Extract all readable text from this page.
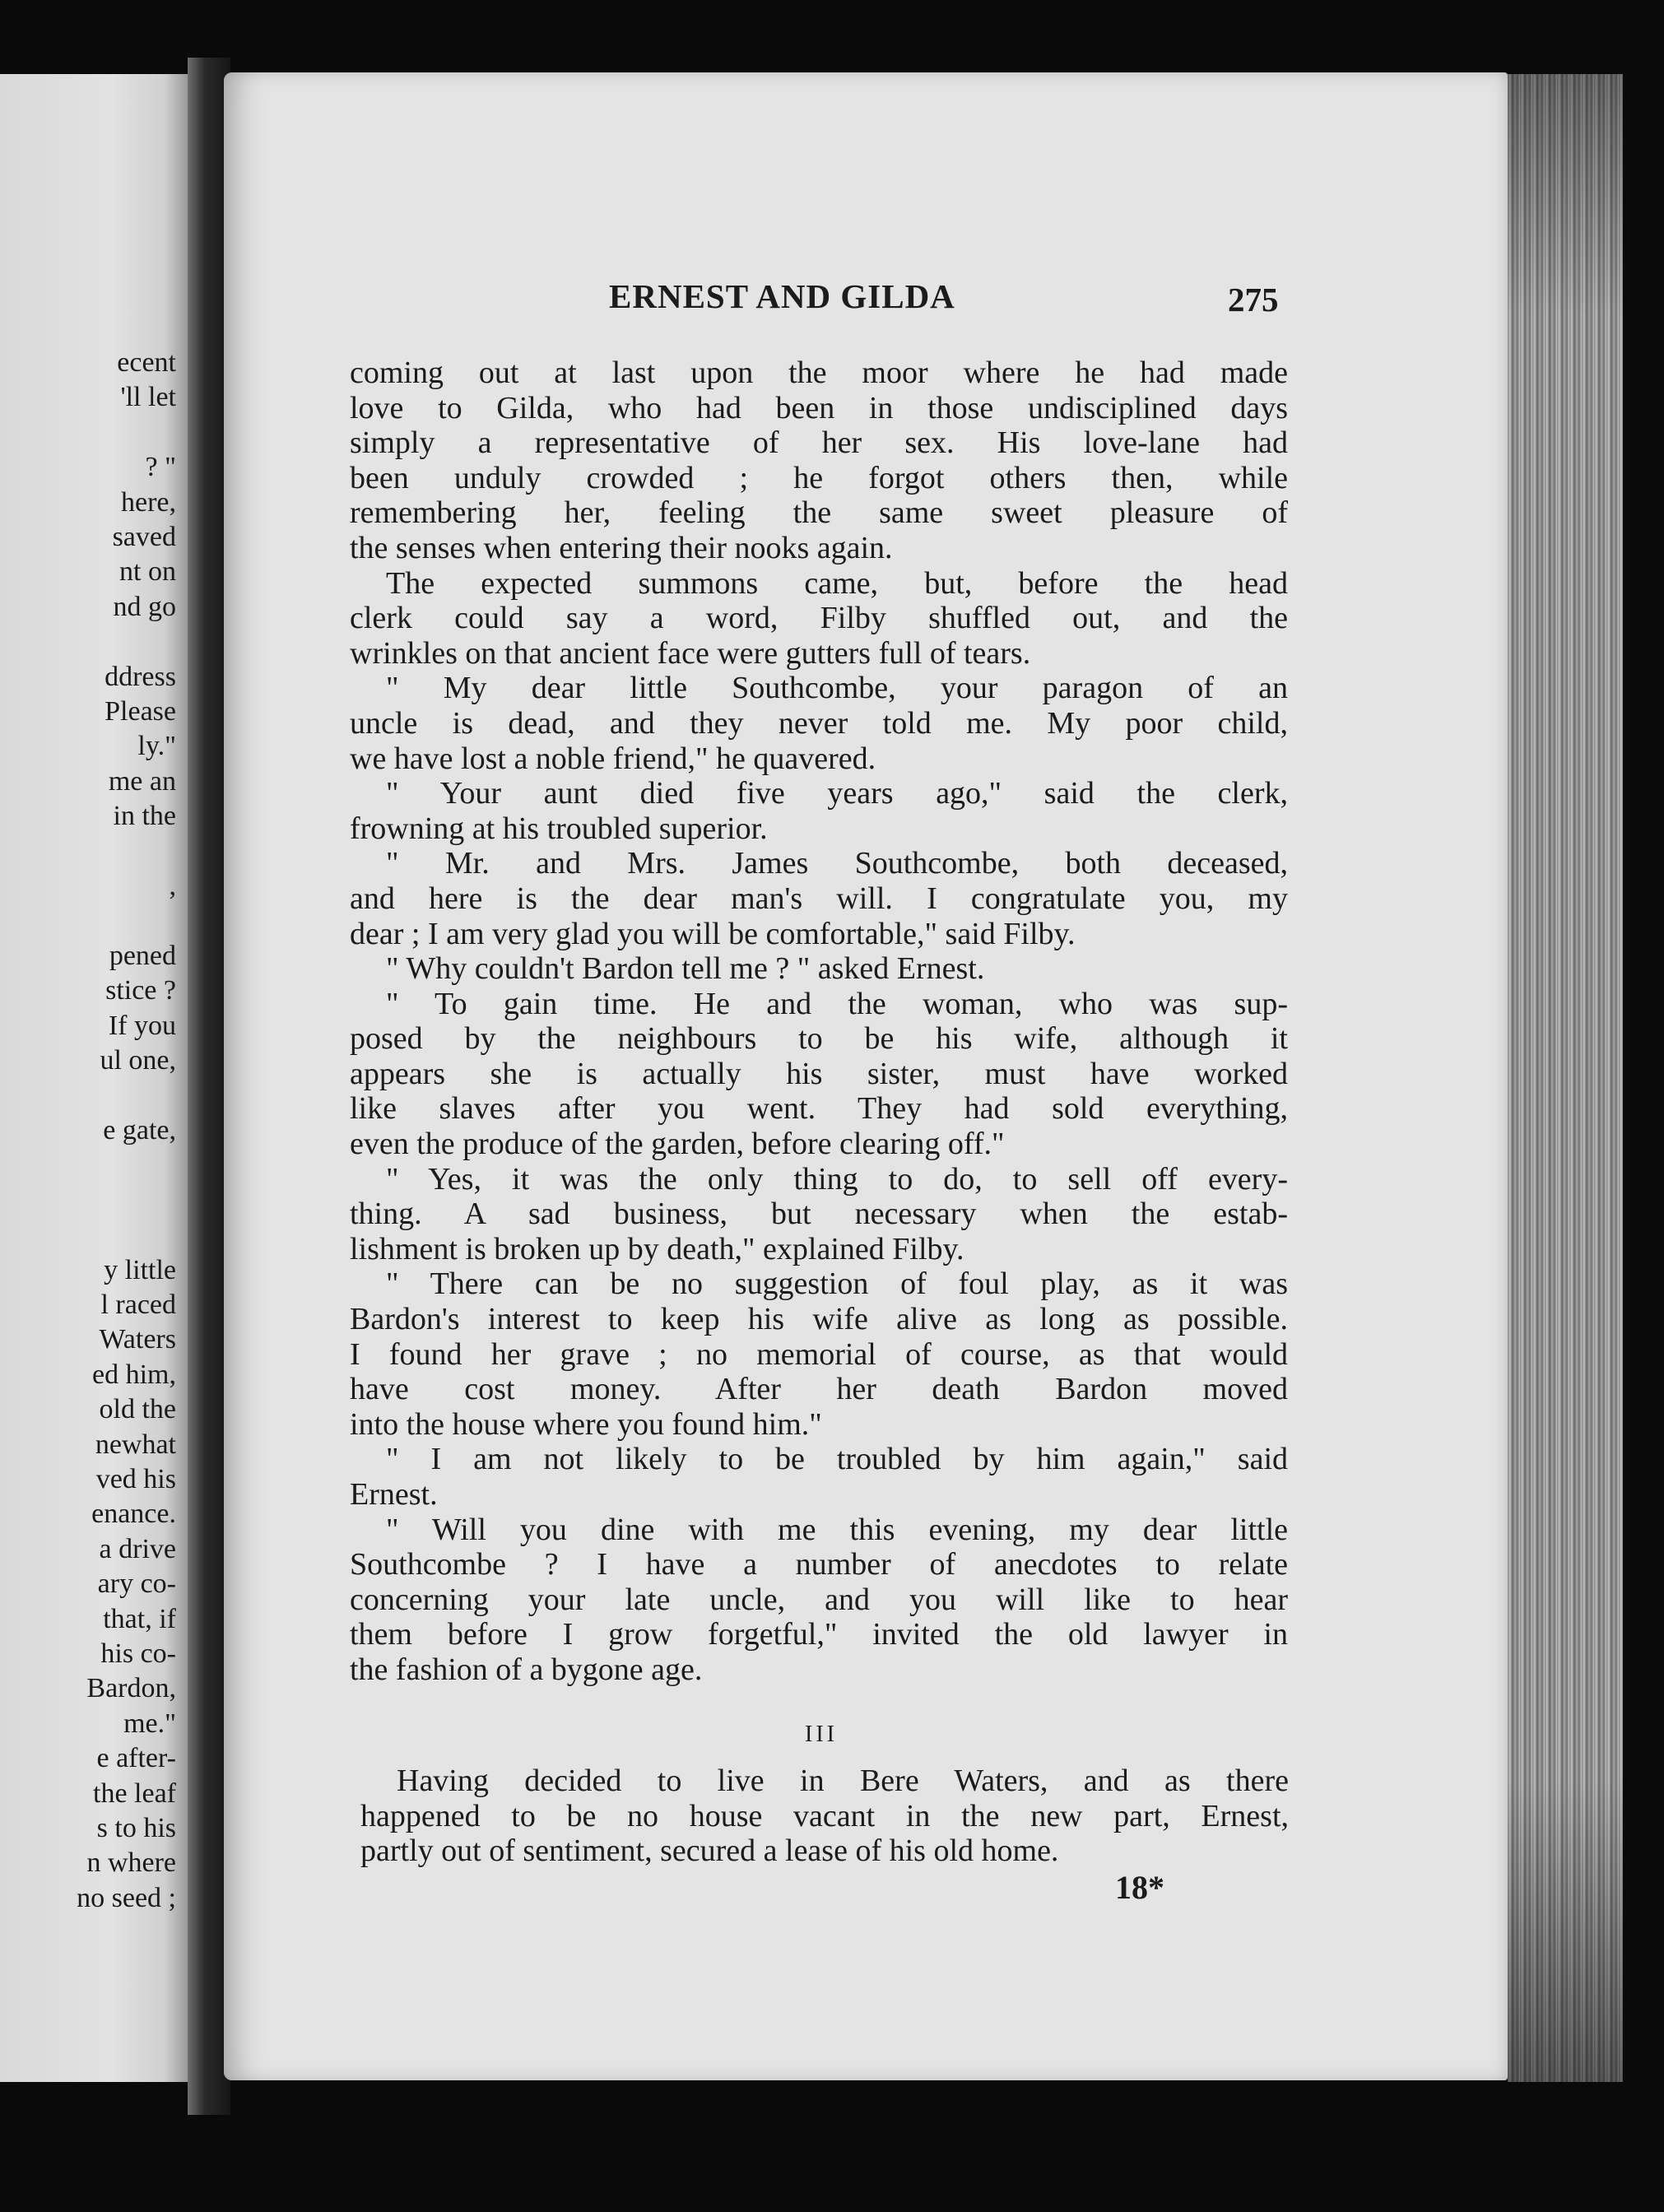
ecent
'll let

? "
here,
saved
nt on
nd go

ddress
Please
ly."
me an
in the

,

pened
stice ?
If you
ul one,

e gate,

y little
l raced
Waters
ed him,
old the
newhat
ved his
enance.
a drive
ary co-
that, if
his co-
Bardon,
me."
e after-
the leaf
s to his
n where
no seed ;
ERNEST AND GILDA	275
coming out at last upon the moor where he had made
love to Gilda, who had been in those undisciplined days
simply a representative of her sex. His love-lane had
been unduly crowded ; he forgot others then, while
remembering her, feeling the same sweet pleasure of
the senses when entering their nooks again.
The expected summons came, but, before the head
clerk could say a word, Filby shuffled out, and the
wrinkles on that ancient face were gutters full of tears.
" My dear little Southcombe, your paragon of an
uncle is dead, and they never told me. My poor child,
we have lost a noble friend," he quavered.
" Your aunt died five years ago," said the clerk,
frowning at his troubled superior.
" Mr. and Mrs. James Southcombe, both deceased,
and here is the dear man's will. I congratulate you, my
dear ; I am very glad you will be comfortable," said Filby.
" Why couldn't Bardon tell me ? " asked Ernest.
" To gain time. He and the woman, who was sup-
posed by the neighbours to be his wife, although it
appears she is actually his sister, must have worked
like slaves after you went. They had sold everything,
even the produce of the garden, before clearing off."
" Yes, it was the only thing to do, to sell off every-
thing. A sad business, but necessary when the estab-
lishment is broken up by death," explained Filby.
" There can be no suggestion of foul play, as it was
Bardon's interest to keep his wife alive as long as possible.
I found her grave ; no memorial of course, as that would
have cost money. After her death Bardon moved
into the house where you found him."
" I am not likely to be troubled by him again," said
Ernest.
" Will you dine with me this evening, my dear little
Southcombe ? I have a number of anecdotes to relate
concerning your late uncle, and you will like to hear
them before I grow forgetful," invited the old lawyer in
the fashion of a bygone age.
III
Having decided to live in Bere Waters, and as there
happened to be no house vacant in the new part, Ernest,
partly out of sentiment, secured a lease of his old home.
18*
